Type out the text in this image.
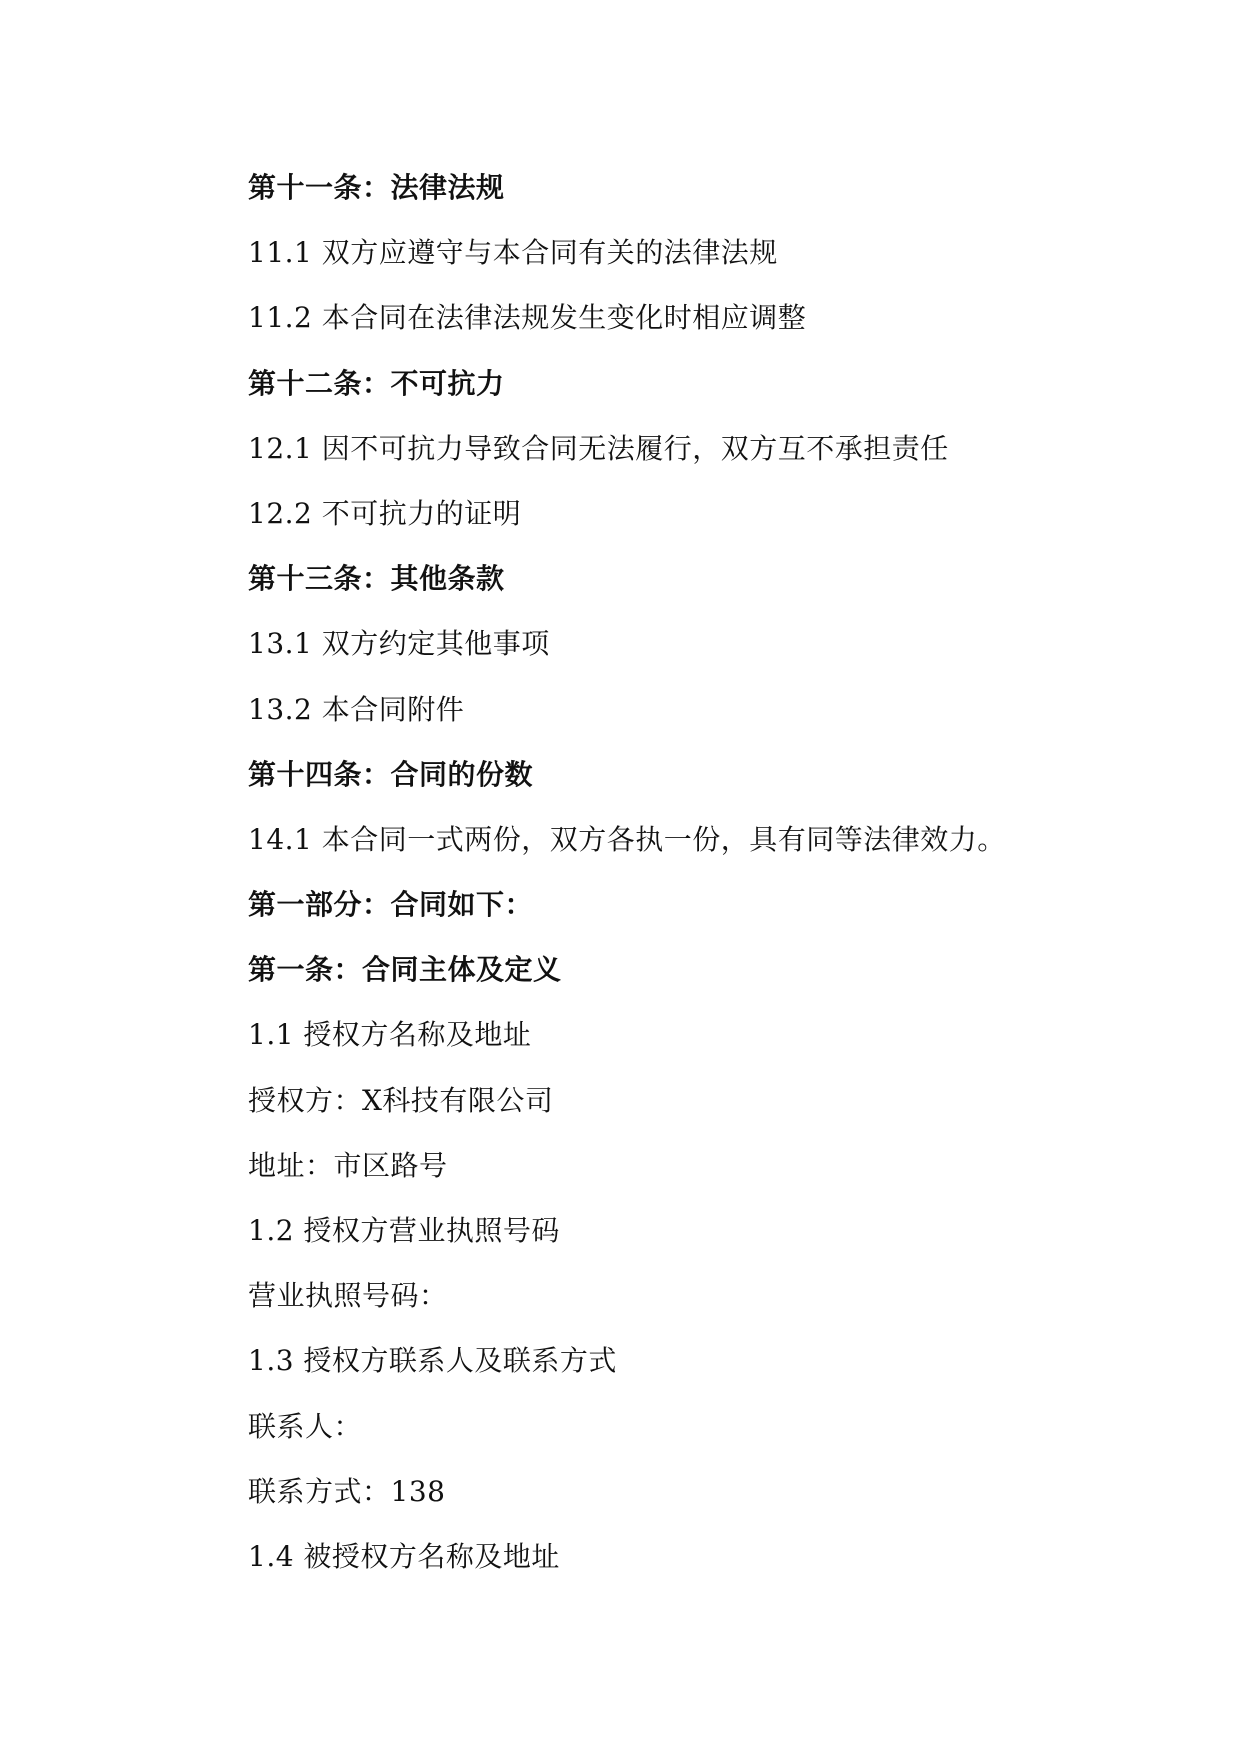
第十一条：法律法规
11.1 双方应遵守与本合同有关的法律法规
11.2 本合同在法律法规发生变化时相应调整
第十二条：不可抗力
12.1 因不可抗力导致合同无法履行，双方互不承担责任
12.2 不可抗力的证明
第十三条：其他条款
13.1 双方约定其他事项
13.2 本合同附件
第十四条：合同的份数
14.1 本合同一式两份，双方各执一份，具有同等法律效力。
第一部分：合同如下：
第一条：合同主体及定义
1.1 授权方名称及地址
授权方：X科技有限公司
地址：市区路号
1.2 授权方营业执照号码
营业执照号码：
1.3 授权方联系人及联系方式
联系人：
联系方式：138
1.4 被授权方名称及地址
